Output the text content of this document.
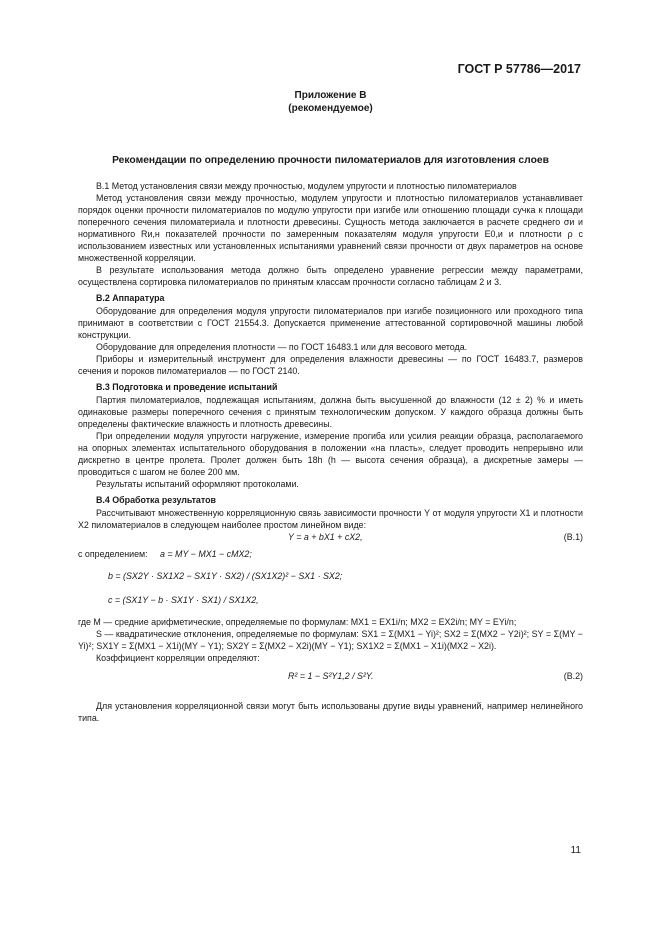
ГОСТ Р 57786—2017
Приложение В
(рекомендуемое)
Рекомендации по определению прочности пиломатериалов для изготовления слоев

В.1 Метод установления связи между прочностью, модулем упругости и плотностью пиломатериалов

Метод установления связи между прочностью, модулем упругости и плотностью пиломатериалов устанавливает порядок оценки прочности пиломатериалов по модулю упругости при изгибе или отношению площади сучка к площади поперечного сечения пиломатериала и плотности древесины. Сущность метода заключается в расчете среднего σи и нормативного Rи,н показателей прочности по замеренным показателям модуля упругости E0,и и плотности ρ с использованием известных или установленных испытаниями уравнений связи прочности от двух параметров на основе множественной корреляции.

В результате использования метода должно быть определено уравнение регрессии между параметрами, осуществлена сортировка пиломатериалов по принятым классам прочности согласно таблицам 2 и 3.

В.2 Аппаратура

Оборудование для определения модуля упругости пиломатериалов при изгибе позиционного или проходного типа принимают в соответствии с ГОСТ 21554.3. Допускается применение аттестованной сортировочной машины любой конструкции.

Оборудование для определения плотности — по ГОСТ 16483.1 или для весового метода.

Приборы и измерительный инструмент для определения влажности древесины — по ГОСТ 16483.7, размеров сечения и пороков пиломатериалов — по ГОСТ 2140.

В.3 Подготовка и проведение испытаний

Партия пиломатериалов, подлежащая испытаниям, должна быть высушенной до влажности (12 ± 2) % и иметь одинаковые размеры поперечного сечения с принятым технологическим допуском. У каждого образца должны быть определены фактические влажность и плотность древесины.

При определении модуля упругости нагружение, измерение прогиба или усилия реакции образца, располагаемого на опорных элементах испытательного оборудования в положении «на пласть», следует проводить непрерывно или дискретно в центре пролета. Пролет должен быть 18h (h — высота сечения образца), а дискретные замеры — проводиться с шагом не более 200 мм.

Результаты испытаний оформляют протоколами.

В.4 Обработка результатов

Рассчитывают множественную корреляционную связь зависимости прочности Y от модуля упругости X1 и плотности X2 пиломатериалов в следующем наиболее простом линейном виде:

Y = a + bX1 + cX2,	(В.1)
с определением: a = MY − MX1 − cMX2;
b = (SX2Y · SX1X2 − SX1Y · SX2) / (SX1X2)² − SX1 · SX2;
c = (SX1Y − b · SX1Y · SX1) / SX1X2,

где M — средние арифметические, определяемые по формулам: MX1 = EX1i/n; MX2 = EX2i/n; MY = EYi/n;

S — квадратические отклонения, определяемые по формулам: SX1 = Σ(MX1 − Yi)²; SX2 = Σ(MX2 − Y2i)²; SY = Σ(MY − Yi)²; SX1Y = Σ(MX1 − X1i)(MY − Y1); SX2Y = Σ(MX2 − X2i)(MY − Y1); SX1X2 = Σ(MX1 − X1i)(MX2 − X2i).

Коэффициент корреляции определяют:

R² = 1 − S²Y1,2 / S²Y.	(В.2)

Для установления корреляционной связи могут быть использованы другие виды уравнений, например нелинейного типа.

11
